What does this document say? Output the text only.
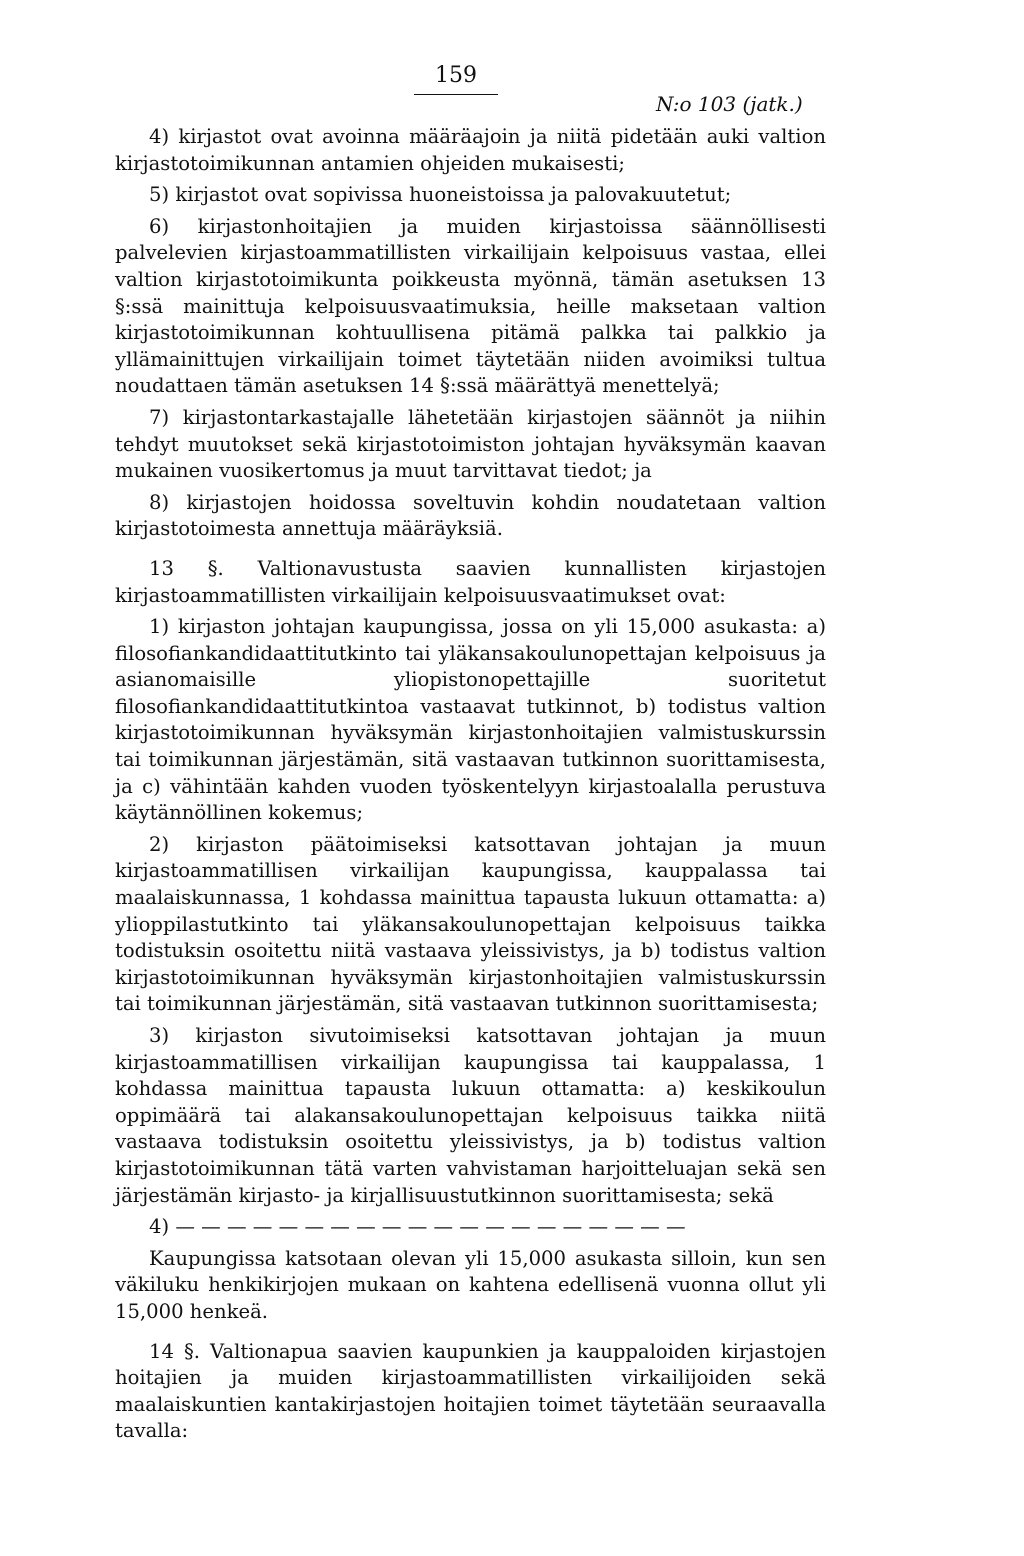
159
N:o 103 (jatk.)

4) kirjastot ovat avoinna määräajoin ja niitä pidetään auki valtion kirjastotoimikunnan antamien ohjeiden mukaisesti;

5) kirjastot ovat sopivissa huoneistoissa ja palovakuutetut;

6) kirjastonhoitajien ja muiden kirjastoissa säännöllisesti palvelevien kirjastoammatillisten virkailijain kelpoisuus vastaa, ellei valtion kirjastotoimikunta poikkeusta myönnä, tämän asetuksen 13 §:ssä mainittuja kelpoisuusvaatimuksia, heille maksetaan valtion kirjastotoimikunnan kohtuullisena pitämä palkka tai palkkio ja yllämainittujen virkailijain toimet täytetään niiden avoimiksi tultua noudattaen tämän asetuksen 14 §:ssä määrättyä menettelyä;

7) kirjastontarkastajalle lähetetään kirjastojen säännöt ja niihin tehdyt muutokset sekä kirjastotoimiston johtajan hyväksymän kaavan mukainen vuosikertomus ja muut tarvittavat tiedot; ja

8) kirjastojen hoidossa soveltuvin kohdin noudatetaan valtion kirjastotoimesta annettuja määräyksiä.

13 §. Valtionavustusta saavien kunnallisten kirjastojen kirjastoammatillisten virkailijain kelpoisuusvaatimukset ovat:

1) kirjaston johtajan kaupungissa, jossa on yli 15,000 asukasta: a) filosofiankandidaattitutkinto tai yläkansakoulunopettajan kelpoisuus ja asianomaisille yliopistonopettajille suoritetut filosofiankandidaattitutkintoa vastaavat tutkinnot, b) todistus valtion kirjastotoimikunnan hyväksymän kirjastonhoitajien valmistuskurssin tai toimikunnan järjestämän, sitä vastaavan tutkinnon suorittamisesta, ja c) vähintään kahden vuoden työskentelyyn kirjastoalalla perustuva käytännöllinen kokemus;

2) kirjaston päätoimiseksi katsottavan johtajan ja muun kirjastoammatillisen virkailijan kaupungissa, kauppalassa tai maalaiskunnassa, 1 kohdassa mainittua tapausta lukuun ottamatta: a) ylioppilastutkinto tai yläkansakoulunopettajan kelpoisuus taikka todistuksin osoitettu niitä vastaava yleissivistys, ja b) todistus valtion kirjastotoimikunnan hyväksymän kirjastonhoitajien valmistuskurssin tai toimikunnan järjestämän, sitä vastaavan tutkinnon suorittamisesta;

3) kirjaston sivutoimiseksi katsottavan johtajan ja muun kirjastoammatillisen virkailijan kaupungissa tai kauppalassa, 1 kohdassa mainittua tapausta lukuun ottamatta: a) keskikoulun oppimäärä tai alakansakoulunopettajan kelpoisuus taikka niitä vastaava todistuksin osoitettu yleissivistys, ja b) todistus valtion kirjastotoimikunnan tätä varten vahvistaman harjoitteluajan sekä sen järjestämän kirjasto- ja kirjallisuustutkinnon suorittamisesta; sekä

4) — — — — — — — — — — — — — — — — — — — —

Kaupungissa katsotaan olevan yli 15,000 asukasta silloin, kun sen väkiluku henkikirjojen mukaan on kahtena edellisenä vuonna ollut yli 15,000 henkeä.

14 §. Valtionapua saavien kaupunkien ja kauppaloiden kirjastojen hoitajien ja muiden kirjastoammatillisten virkailijoiden sekä maalaiskuntien kantakirjastojen hoitajien toimet täytetään seuraavalla tavalla:
